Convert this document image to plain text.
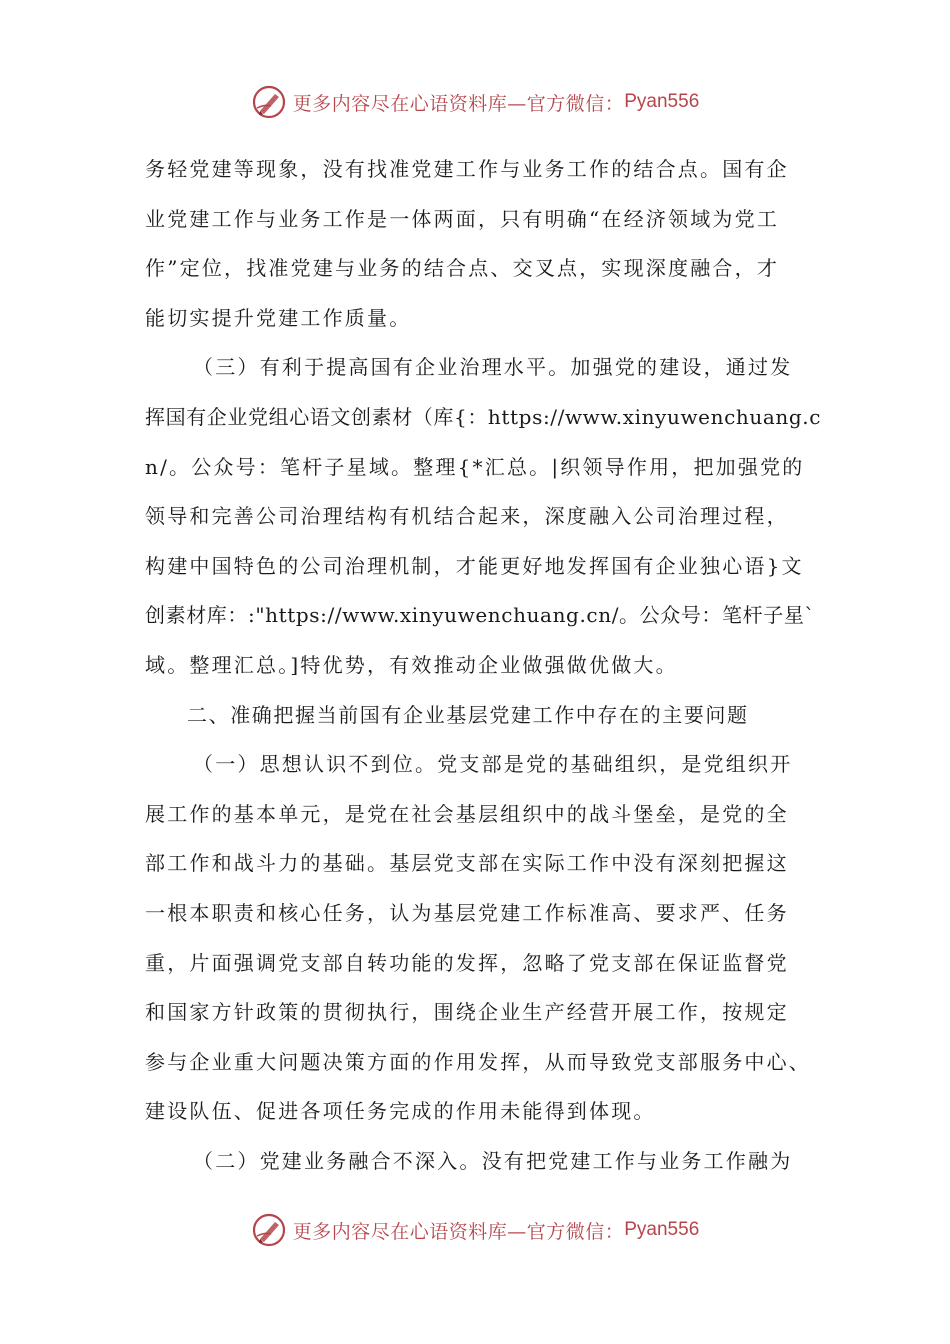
更多内容尽在心语资料库—官方微信： Pyan556
务轻党建等现象，没有找准党建工作与业务工作的结合点。国有企
业党建工作与业务工作是一体两面，只有明确“在经济领域为党工
作”定位，找准党建与业务的结合点、交叉点，实现深度融合，才
能切实提升党建工作质量。
（三）有利于提高国有企业治理水平。加强党的建设，通过发
挥国有企业党组心语文创素材（库{：https://www.xinyuwenchuang.c
n/。公众号：笔杆子星域。整理{*汇总。|织领导作用，把加强党的
领导和完善公司治理结构有机结合起来，深度融入公司治理过程，
构建中国特色的公司治理机制，才能更好地发挥国有企业独心语}文
创素材库：:"https://www.xinyuwenchuang.cn/。公众号：笔杆子星`
域。整理汇总。]特优势，有效推动企业做强做优做大。
二、准确把握当前国有企业基层党建工作中存在的主要问题
（一）思想认识不到位。党支部是党的基础组织，是党组织开
展工作的基本单元，是党在社会基层组织中的战斗堡垒，是党的全
部工作和战斗力的基础。基层党支部在实际工作中没有深刻把握这
一根本职责和核心任务，认为基层党建工作标准高、要求严、任务
重，片面强调党支部自转功能的发挥，忽略了党支部在保证监督党
和国家方针政策的贯彻执行，围绕企业生产经营开展工作，按规定
参与企业重大问题决策方面的作用发挥，从而导致党支部服务中心、
建设队伍、促进各项任务完成的作用未能得到体现。
（二）党建业务融合不深入。没有把党建工作与业务工作融为
更多内容尽在心语资料库—官方微信： Pyan556
